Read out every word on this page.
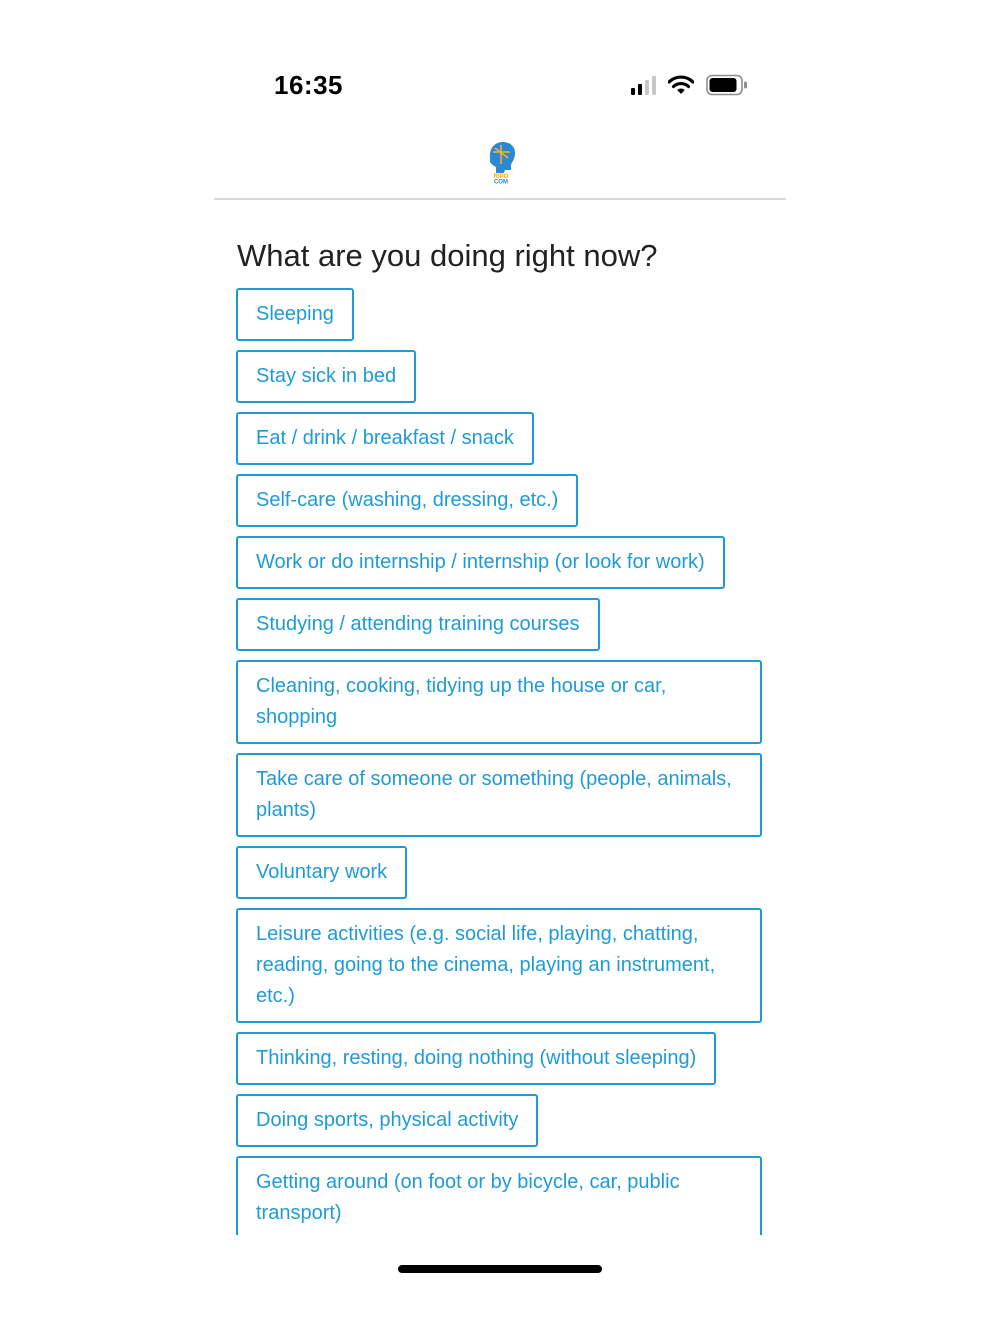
16:35
RIPO
COM
What are you doing right now?
Sleeping
Stay sick in bed
Eat / drink / breakfast / snack
Self-care (washing, dressing, etc.)
Work or do internship / internship (or look for work)
Studying / attending training courses
Cleaning, cooking, tidying up the house or car, shopping
Take care of someone or something (people, animals, plants)
Voluntary work
Leisure activities (e.g. social life, playing, chatting, reading, going to the cinema, playing an instrument, etc.)
Thinking, resting, doing nothing (without sleeping)
Doing sports, physical activity
Getting around (on foot or by bicycle, car, public transport)
